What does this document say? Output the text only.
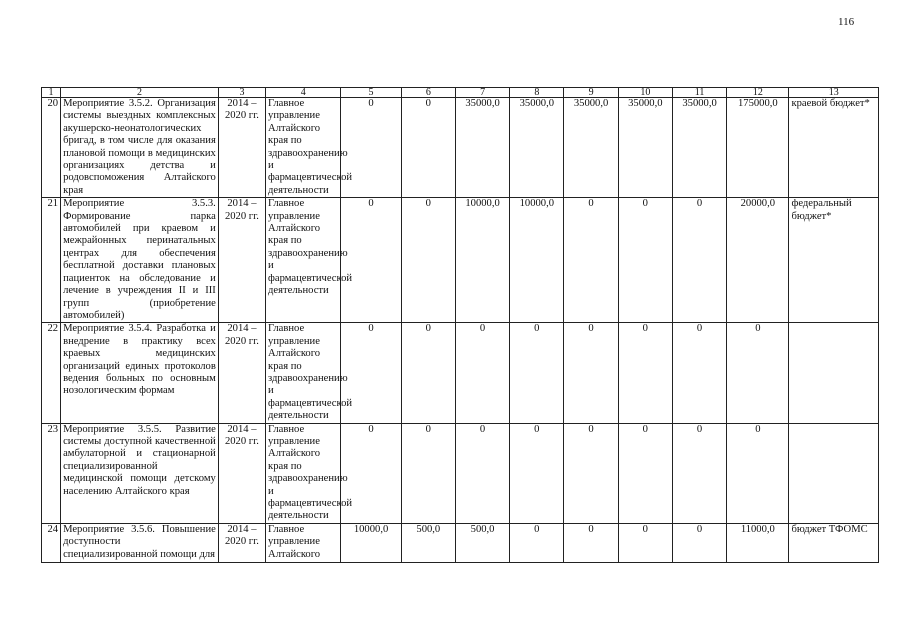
116
1	2	3	4	5	6	7	8	9	10	11	12	13
20	Мероприятие 3.5.2. Организация системы выездных комплексных акушерско-неонатологических бригад, в том числе для оказания плановой помощи в медицинских организациях детства и родовспоможения Алтайского края	2014 – 2020 гг.	Главное управление Алтайского края по здравоохранению и фармацевтической деятельности	0	0	35000,0	35000,0	35000,0	35000,0	35000,0	175000,0	краевой бюджет*
21	Мероприятие 3.5.3. Формирование парка автомобилей при краевом и межрайонных перинатальных центрах для обеспечения бесплатной доставки плановых пациенток на обследование и лечение в учреждения II и III групп (приобретение автомобилей)	2014 – 2020 гг.	Главное управление Алтайского края по здравоохранению и фармацевтической деятельности	0	0	10000,0	10000,0	0	0	0	20000,0	федеральный бюджет*
22	Мероприятие 3.5.4. Разработка и внедрение в практику всех краевых медицинских организаций единых протоколов ведения больных по основным нозологическим формам	2014 – 2020 гг.	Главное управление Алтайского края по здравоохранению и фармацевтической деятельности	0	0	0	0	0	0	0	0	
23	Мероприятие 3.5.5. Развитие системы доступной качественной амбулаторной и стационарной специализированной медицинской помощи детскому населению Алтайского края	2014 – 2020 гг.	Главное управление Алтайского края по здравоохранению и фармацевтической деятельности	0	0	0	0	0	0	0	0	
24	Мероприятие 3.5.6. Повышение доступности специализированной помощи для	2014 – 2020 гг.	Главное управление Алтайского	10000,0	500,0	500,0	0	0	0	0	11000,0	бюджет ТФОМС
